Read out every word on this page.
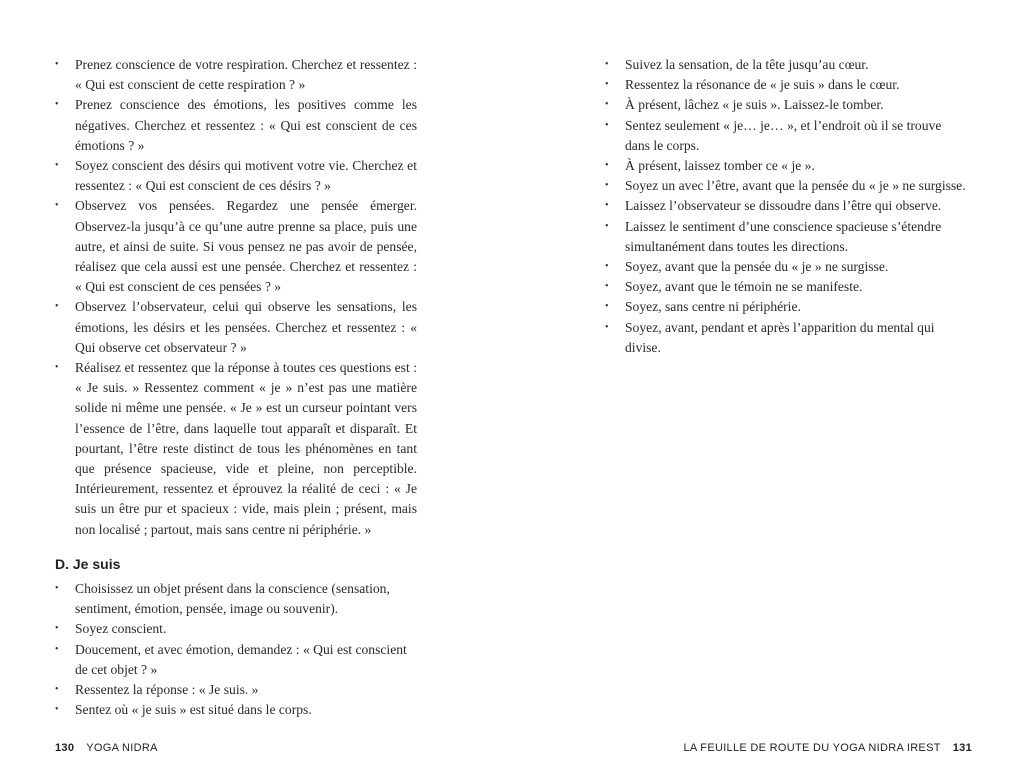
• Prenez conscience de votre respiration. Cherchez et ressentez : « Qui est conscient de cette respiration ? »
• Prenez conscience des émotions, les positives comme les négatives. Cherchez et ressentez : « Qui est conscient de ces émotions ? »
• Soyez conscient des désirs qui motivent votre vie. Cherchez et ressentez : « Qui est conscient de ces désirs ? »
• Observez vos pensées. Regardez une pensée émerger. Observez-la jusqu’à ce qu’une autre prenne sa place, puis une autre, et ainsi de suite. Si vous pensez ne pas avoir de pensée, réalisez que cela aussi est une pensée. Cherchez et ressentez : « Qui est conscient de ces pensées ? »
• Observez l’observateur, celui qui observe les sensations, les émotions, les désirs et les pensées. Cherchez et ressentez : « Qui observe cet observateur ? »
• Réalisez et ressentez que la réponse à toutes ces questions est : « Je suis. » Ressentez comment « je » n’est pas une matière solide ni même une pensée. « Je » est un curseur pointant vers l’essence de l’être, dans laquelle tout apparaît et disparaît. Et pourtant, l’être reste distinct de tous les phénomènes en tant que présence spacieuse, vide et pleine, non perceptible. Intérieurement, ressentez et éprouvez la réalité de ceci : « Je suis un être pur et spacieux : vide, mais plein ; présent, mais non localisé ; partout, mais sans centre ni périphérie. »
D. Je suis
• Choisissez un objet présent dans la conscience (sensation, sentiment, émotion, pensée, image ou souvenir).
• Soyez conscient.
• Doucement, et avec émotion, demandez : « Qui est conscient de cet objet ? »
• Ressentez la réponse : « Je suis. »
• Sentez où « je suis » est situé dans le corps.
130 YOGA NIDRA
• Suivez la sensation, de la tête jusqu’au cœur.
• Ressentez la résonance de « je suis » dans le cœur.
• À présent, lâchez « je suis ». Laissez-le tomber.
• Sentez seulement « je… je… », et l’endroit où il se trouve dans le corps.
• À présent, laissez tomber ce « je ».
• Soyez un avec l’être, avant que la pensée du « je » ne surgisse.
• Laissez l’observateur se dissoudre dans l’être qui observe.
• Laissez le sentiment d’une conscience spacieuse s’étendre simultanément dans toutes les directions.
• Soyez, avant que la pensée du « je » ne surgisse.
• Soyez, avant que le témoin ne se manifeste.
• Soyez, sans centre ni périphérie.
• Soyez, avant, pendant et après l’apparition du mental qui divise.
LA FEUILLE DE ROUTE DU YOGA NIDRA IREST 131
